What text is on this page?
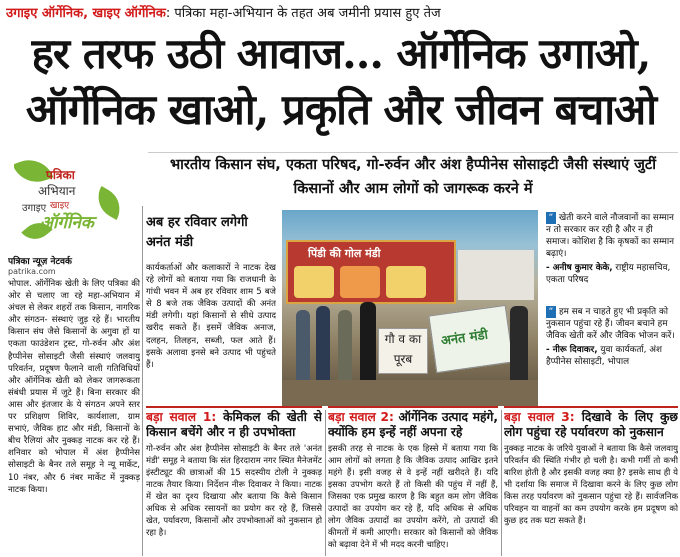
उगाइए ऑर्गेनिक, खाइए ऑर्गेनिक: पत्रिका महा-अभियान के तहत अब जमीनी प्रयास हुए तेज
हर तरफ उठी आवाज... ऑर्गेनिक उगाओ, ऑर्गेनिक खाओ, प्रकृति और जीवन बचाओ
पत्रिका
अभियान
उगाइए खाइए
ऑर्गेनिक
भारतीय किसान संघ, एकता परिषद, गो-रुर्वन और अंश हैप्पीनेस सोसाइटी जैसी संस्थाएं जुटीं किसानों और आम लोगों को जागरूक करने में
पत्रिका न्यूज़ नेटवर्क
patrika.com
भोपाल. ऑर्गेनिक खेती के लिए पत्रिका की ओर से चलाए जा रहे महा-अभियान में अंचल से लेकर शहरों तक किसान, नागरिक और संगठन- संस्थाएं जुड़ रहे हैं। भारतीय किसान संघ जैसे किसानों के अगुवा हों या एकता फाउंडेशन ट्रस्ट, गो-रुर्वन और अंश हैप्पीनेस सोसाइटी जैसी संस्थाएं जलवायु परिवर्तन, प्रदूषण फैलाने वाली गतिविधियों और ऑर्गेनिक खेती को लेकर जागरूकता संबंधी प्रयास में जुटे हैं। बिना सरकार की आस और इंतजार के ये संगठन अपने स्तर पर प्रशिक्षण शिविर, कार्यशाला, ग्राम सभाएं, जैविक हाट और मंडी, किसानों के बीच रैलियां और नुक्कड़ नाटक कर रहे हैं। शनिवार को भोपाल में अंश हैप्पीनेस सोसाइटी के बैनर तले समूह ने न्यू मार्केट, 10 नंबर, और 6 नंबर मार्केट में नुक्कड़ नाटक किया।
अब हर रविवार लगेगी अनंत मंडी
कार्यकर्ताओं और कलाकारों ने नाटक देख रहे लोगों को बताया गया कि राजधानी के गांधी भवन में अब हर रविवार शाम 5 बजे से 8 बजे तक जैविक उत्पादों की अनंत मंडी लगेगी। यहां किसानों से सीधे उत्पाद खरीद सकते हैं। इसमें जैविक अनाज, दलहन, तिलहन, सब्जी, फल आते हैं। इसके अलावा इनसे बने उत्पाद भी पहुंचते हैं।
पिंडी की गोल मंडी
गौ व का पूरब
अनंत मंडी
“ खेती करने वाले नौजवानों का सम्मान न तो सरकार कर रही है और न ही समाज। कोशिश है कि कृषकों का सम्मान बढ़ाएं।
- अनीष कुमार केके, राष्ट्रीय महासचिव, एकता परिषद
“ हम सब न चाहते हुए भी प्रकृति को नुकसान पहुंचा रहे हैं। जीवन बचाने हम जैविक खेती करें और जैविक भोजन करें।
- नीरू दिवाकर, युवा कार्यकर्ता, अंश हैप्पीनेस सोसाइटी, भोपाल
बड़ा सवाल 1: केमिकल की खेती से किसान बचेंगे और न ही उपभोक्ता
गो-रुर्वन और अंश हैप्पीनेस सोसाइटी के बैनर तले 'अनंत मंडी' समूह ने बताया कि संत हिरदाराम नगर स्थित मैनेजमेंट इंस्टीट्यूट की छात्राओं की 15 सदस्यीय टोली ने नुक्कड़ नाटक तैयार किया। निर्देशन नीरू दिवाकर ने किया। नाटक में खेत का दृश्य दिखाया और बताया कि कैसे किसान अधिक से अधिक रसायनों का प्रयोग कर रहे हैं, जिससे खेत, पर्यावरण, किसानों और उपभोक्ताओं को नुकसान हो रहा है।
बड़ा सवाल 2: ऑर्गेनिक उत्पाद महंगे, क्योंकि हम इन्हें नहीं अपना रहे
इसकी तरह से नाटक के एक हिस्से में बताया गया कि आम लोगों को लगता है कि जैविक उत्पाद आखिर इतने महंगे हैं। इसी वजह से वे इन्हें नहीं खरीदते हैं। यदि इसका उपभोग करते हैं तो किसी की पहुंच में नहीं हैं, जिसका एक प्रमुख कारण है कि बहुत कम लोग जैविक उत्पादों का उपयोग कर रहे हैं, यदि अधिक से अधिक लोग जैविक उत्पादों का उपयोग करेंगे, तो उत्पादों की कीमतों में कमी आएगी। सरकार को किसानों को जैविक को बढ़ावा देने में भी मदद करनी चाहिए।
बड़ा सवाल 3: दिखावे के लिए कुछ लोग पहुंचा रहे पर्यावरण को नुकसान
नुक्कड़ नाटक के जरिये युवाओं ने बताया कि कैसे जलवायु परिवर्तन की स्थिति गंभीर हो चली है। कभी गर्मी तो कभी बारिश होती है और इसकी वजह क्या है? इसके साथ ही ये भी दर्शाया कि समाज में दिखावा करने के लिए कुछ लोग किस तरह पर्यावरण को नुकसान पहुंचा रहे हैं। सार्वजनिक परिवहन या वाहनों का कम उपयोग करके हम प्रदूषण को कुछ हद तक घटा सकते हैं।
